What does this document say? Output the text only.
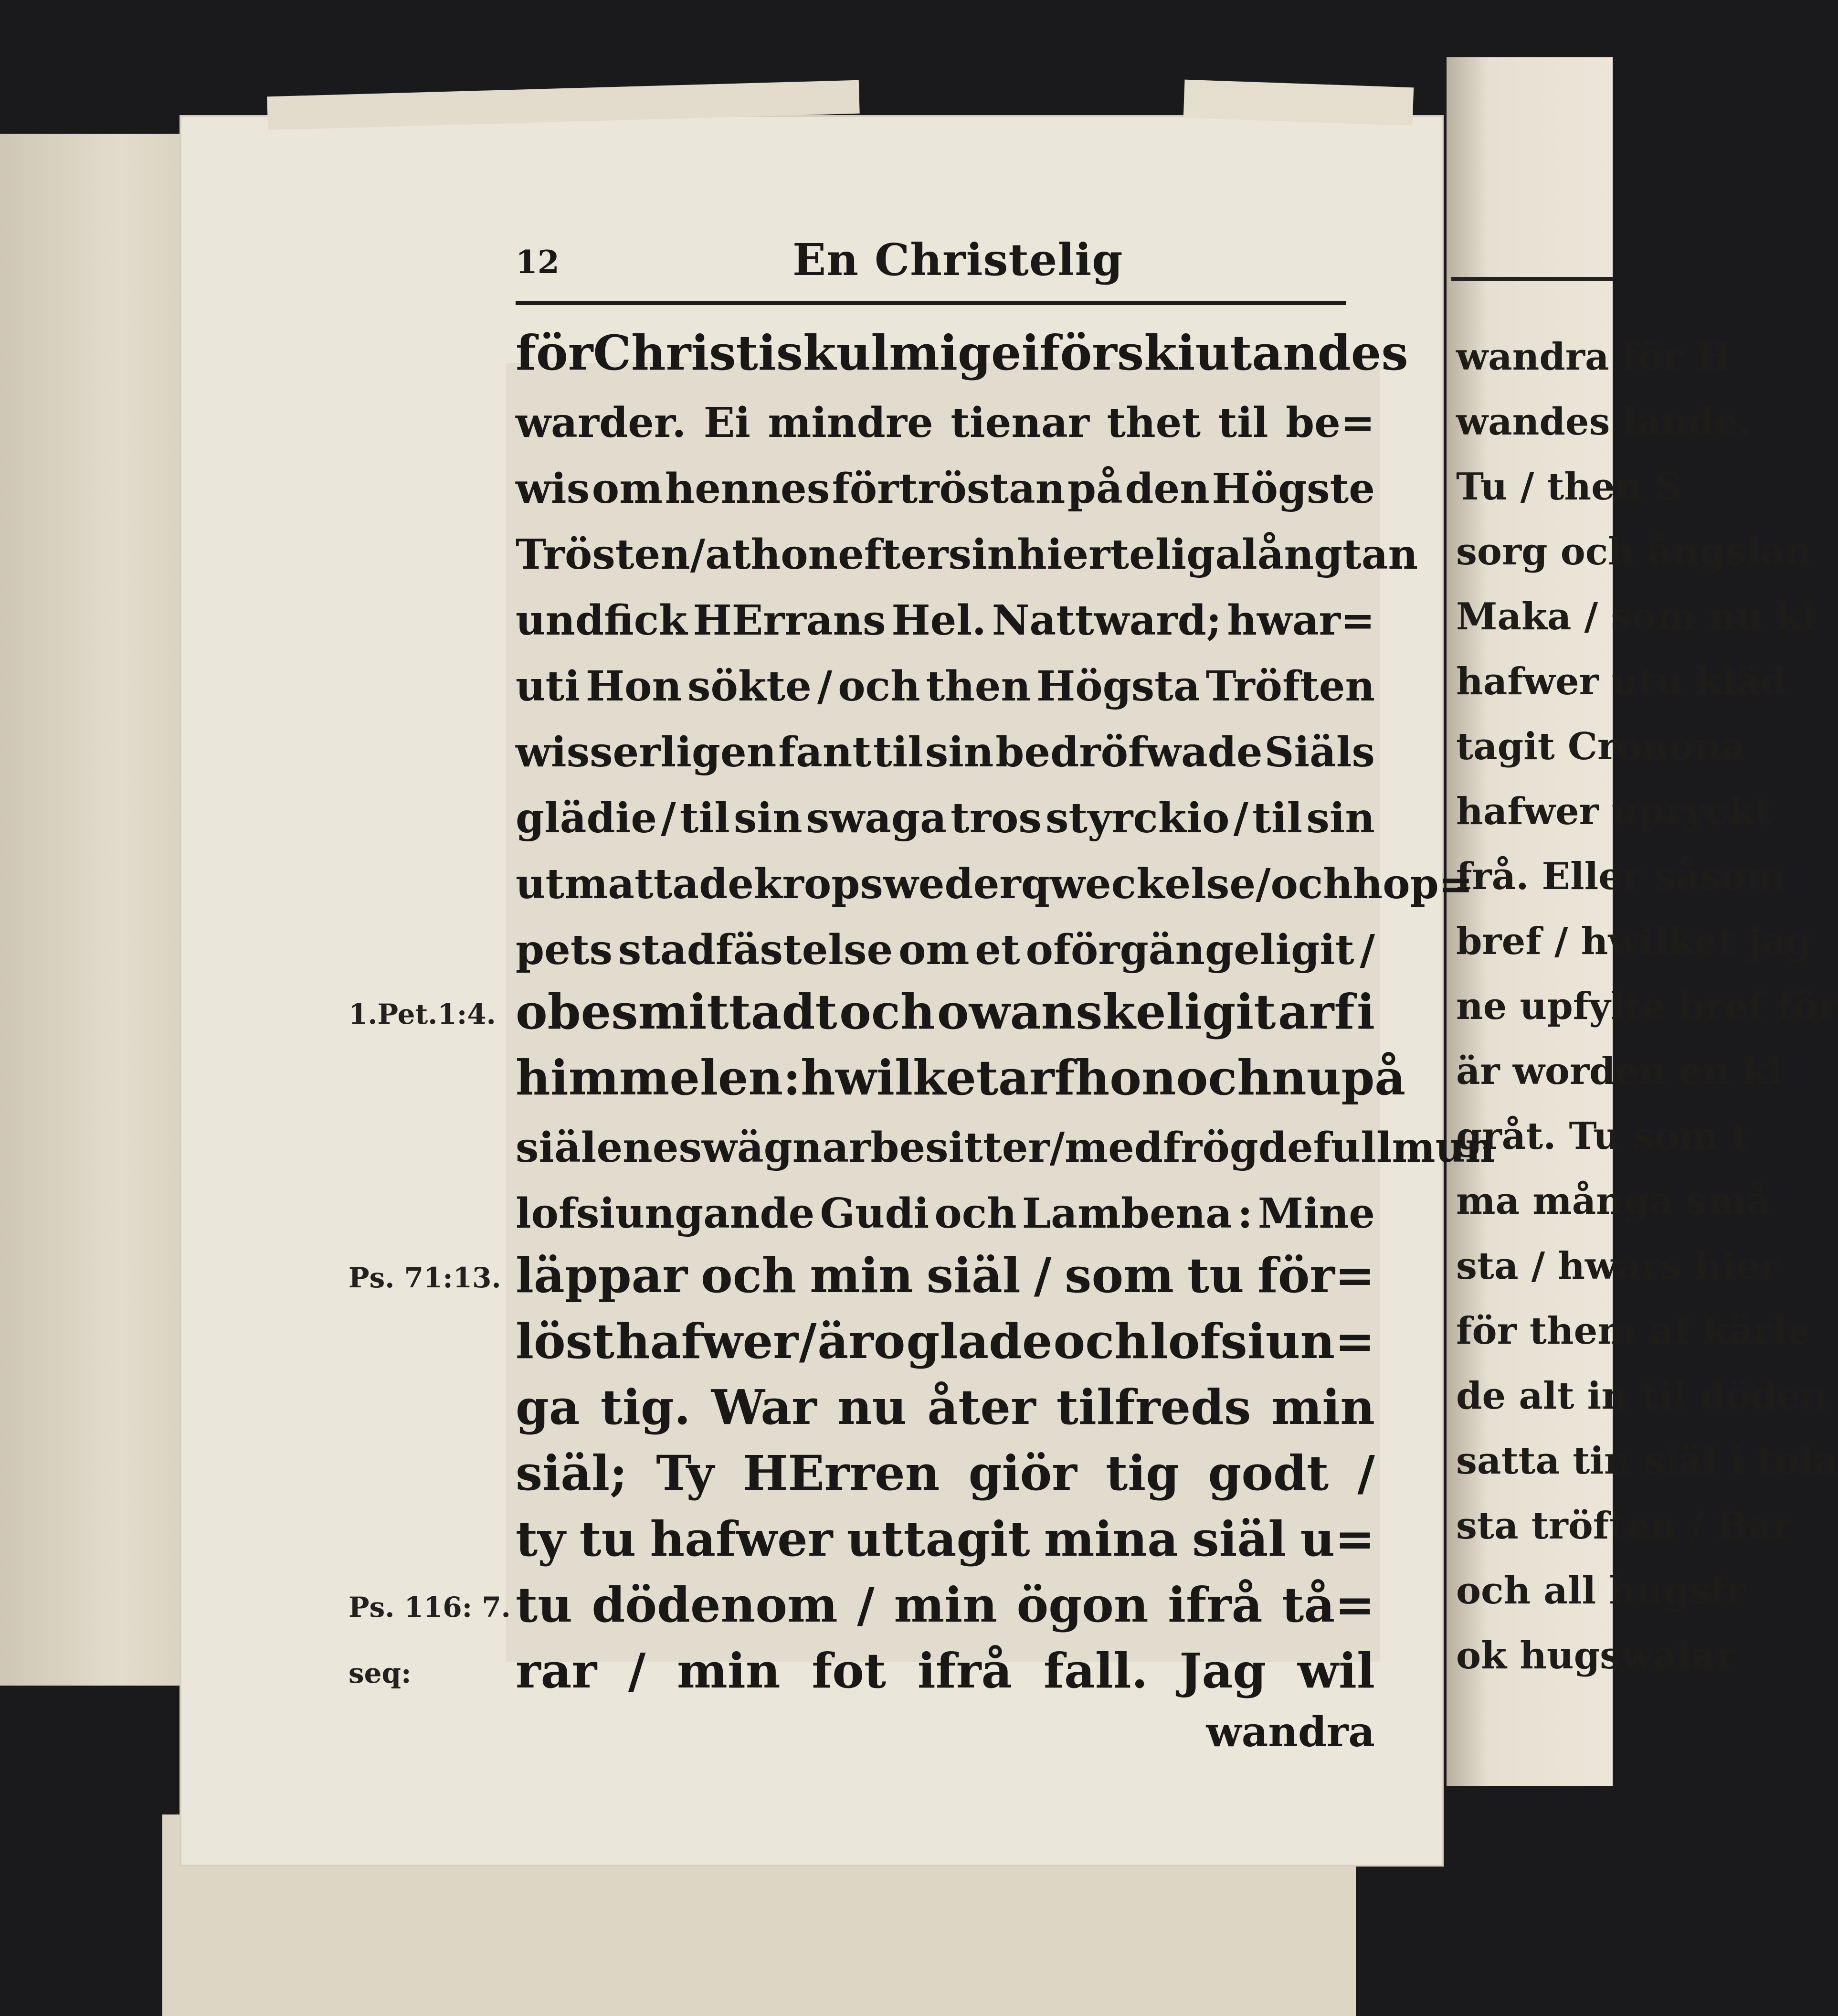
wandra för H
wandes lande.
Tu / then S
sorg och ångslan
Maka / som nu kl
hafwer utu kläd
tagit Cronona
hafwer upryckt
frå. Eller såsom
bref / hwilket jag
ne upfylte bref för
är worden en kl
gråt. Tu som t
ma många små
sta / hwars hier
för them af kärle
de alt in til döden
satta tin siäl i tola
sta tröften / Bar
och all hugsfr
ok hugswalar
12	En Christelig
för Christi skul mig ei förskiutandes
warder. Ei mindre tienar thet til be=
wis om hennes förtröstan på den Högste
Trösten / at hon efter sin hierteliga långtan
undfick HErrans Hel. Nattward; hwar=
uti Hon sökte / och then Högsta Tröften
wisserligen fant til sin bedröfwade Siäls
glädie / til sin swaga tros styrckio / til sin
utmattade krops wederqweckelse / och hop=
pets stadfästelse om et oförgängeligit /
obesmittadt och owanskeligit arf i
himmelen: hwilket arf hon och nu på
siälenes wägnar besitter / med frögdefull mun
lofsiungande Gudi och Lambena : Mine
läppar och min siäl / som tu för=
löst hafwer / äro glade och lofsiun=
ga tig. War nu åter tilfreds min
siäl; Ty HErren giör tig godt /
ty tu hafwer uttagit mina siäl u=
tu dödenom / min ögon ifrå tå=
rar / min fot ifrå fall. Jag wil
wandra
1.Pet.1:4.
Ps. 71:13.
Ps. 116: 7.
seq:
